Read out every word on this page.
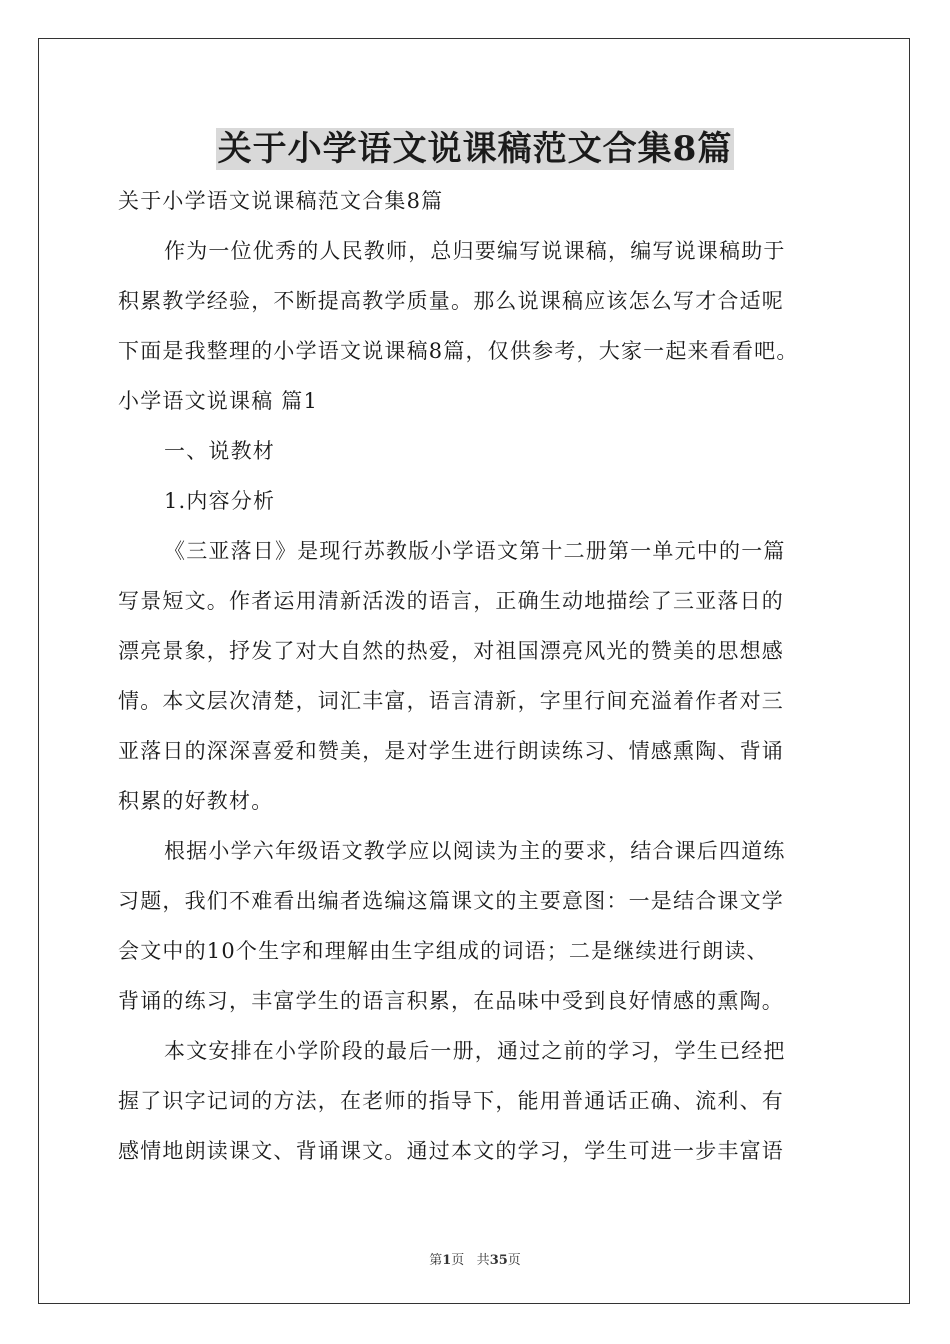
关于小学语文说课稿范文合集8篇
关于小学语文说课稿范文合集8篇
作为一位优秀的人民教师，总归要编写说课稿，编写说课稿助于
积累教学经验，不断提高教学质量。那么说课稿应该怎么写才合适呢
下面是我整理的小学语文说课稿8篇，仅供参考，大家一起来看看吧。
小学语文说课稿 篇1
一、说教材
1.内容分析
《三亚落日》是现行苏教版小学语文第十二册第一单元中的一篇
写景短文。作者运用清新活泼的语言，正确生动地描绘了三亚落日的
漂亮景象，抒发了对大自然的热爱，对祖国漂亮风光的赞美的思想感
情。本文层次清楚，词汇丰富，语言清新，字里行间充溢着作者对三
亚落日的深深喜爱和赞美，是对学生进行朗读练习、情感熏陶、背诵
积累的好教材。
根据小学六年级语文教学应以阅读为主的要求，结合课后四道练
习题，我们不难看出编者选编这篇课文的主要意图：一是结合课文学
会文中的10个生字和理解由生字组成的词语；二是继续进行朗读、
背诵的练习，丰富学生的语言积累，在品味中受到良好情感的熏陶。
本文安排在小学阶段的最后一册，通过之前的学习，学生已经把
握了识字记词的方法，在老师的指导下，能用普通话正确、流利、有
感情地朗读课文、背诵课文。通过本文的学习，学生可进一步丰富语
第1页 共35页
